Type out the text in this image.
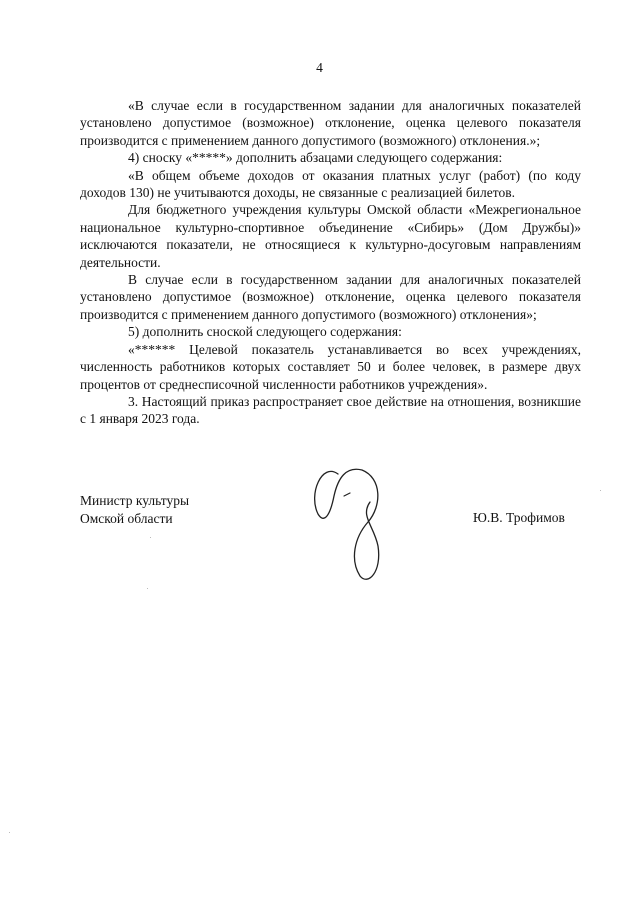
4

«В случае если в государственном задании для аналогичных показателей установлено допустимое (возможное) отклонение, оценка целевого показателя производится с применением данного допустимого (возможного) отклонения.»;

4) сноску «*****» дополнить абзацами следующего содержания:

«В общем объеме доходов от оказания платных услуг (работ) (по коду доходов 130) не учитываются доходы, не связанные с реализацией билетов.

Для бюджетного учреждения культуры Омской области «Межрегиональное национальное культурно-спортивное объединение «Сибирь» (Дом Дружбы)» исключаются показатели, не относящиеся к культурно-досуговым направлениям деятельности.

В случае если в государственном задании для аналогичных показателей установлено допустимое (возможное) отклонение, оценка целевого показателя производится с применением данного допустимого (возможного) отклонения»;

5) дополнить сноской следующего содержания:

«****** Целевой показатель устанавливается во всех учреждениях, численность работников которых составляет 50 и более человек, в размере двух процентов от среднесписочной численности работников учреждения».

3. Настоящий приказ распространяет свое действие на отношения, возникшие с 1 января 2023 года.

Министр культуры
Омской области	Ю.В. Трофимов
